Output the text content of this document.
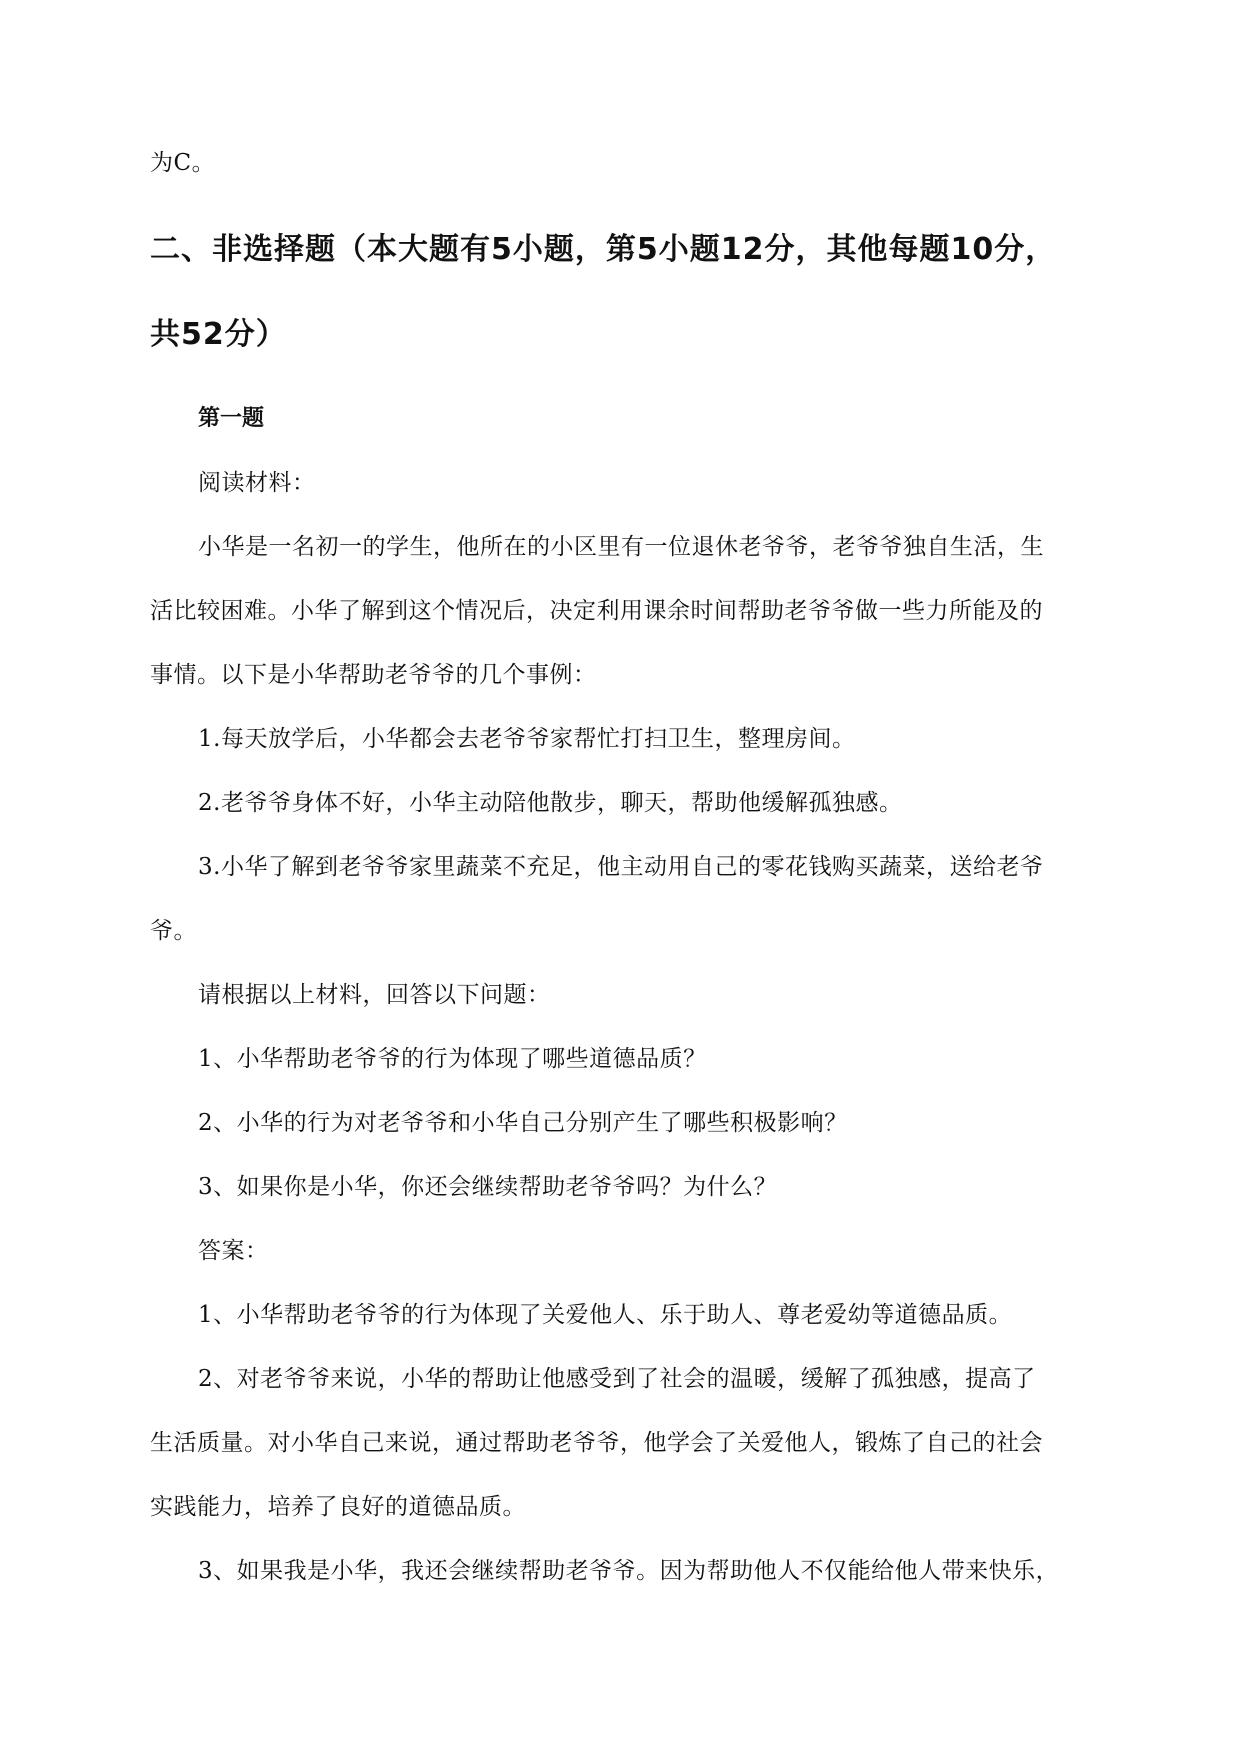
为C。
二、非选择题（本大题有5小题，第5小题12分，其他每题10分，
共52分）
第一题
阅读材料：
小华是一名初一的学生，他所在的小区里有一位退休老爷爷，老爷爷独自生活，生
活比较困难。小华了解到这个情况后，决定利用课余时间帮助老爷爷做一些力所能及的
事情。以下是小华帮助老爷爷的几个事例：
1.每天放学后，小华都会去老爷爷家帮忙打扫卫生，整理房间。
2.老爷爷身体不好，小华主动陪他散步，聊天，帮助他缓解孤独感。
3.小华了解到老爷爷家里蔬菜不充足，他主动用自己的零花钱购买蔬菜，送给老爷
爷。
请根据以上材料，回答以下问题：
1、小华帮助老爷爷的行为体现了哪些道德品质？
2、小华的行为对老爷爷和小华自己分别产生了哪些积极影响？
3、如果你是小华，你还会继续帮助老爷爷吗？为什么？
答案：
1、小华帮助老爷爷的行为体现了关爱他人、乐于助人、尊老爱幼等道德品质。
2、对老爷爷来说，小华的帮助让他感受到了社会的温暖，缓解了孤独感，提高了
生活质量。对小华自己来说，通过帮助老爷爷，他学会了关爱他人，锻炼了自己的社会
实践能力，培养了良好的道德品质。
3、如果我是小华，我还会继续帮助老爷爷。因为帮助他人不仅能给他人带来快乐，
